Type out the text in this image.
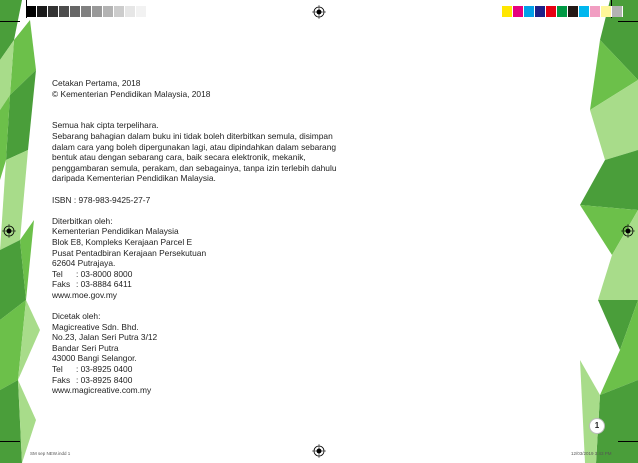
Cetakan Pertama, 2018

© Kementerian Pendidikan Malaysia, 2018

Semua hak cipta terpelihara.

Sebarang bahagian dalam buku ini tidak boleh diterbitkan semula, disimpan

dalam cara yang boleh dipergunakan lagi, atau dipindahkan dalam sebarang

bentuk atau dengan sebarang cara, baik secara elektronik, mekanik,

penggambaran semula, perakam, dan sebagainya, tanpa izin terlebih dahulu

daripada Kementerian Pendidikan Malaysia.

ISBN : 978-983-9425-27-7

Diterbitkan oleh:

Kementerian Pendidikan Malaysia

Blok E8, Kompleks Kerajaan Parcel E

Pusat Pentadbiran Kerajaan Persekutuan

62604 Putrajaya.

Tel	: 03-8000 8000
Faks : 03-8884 6411

www.moe.gov.my

Dicetak oleh:

Magicreative Sdn. Bhd.

No.23, Jalan Seri Putra 3/12

Bandar Seri Putra

43000 Bangi Selangor.

Tel	: 03-8925 0400
Faks : 03-8925 8400

www.magicreative.com.my

1
SM sep NEW.indd 1	12/03/2019 3:43 PM
